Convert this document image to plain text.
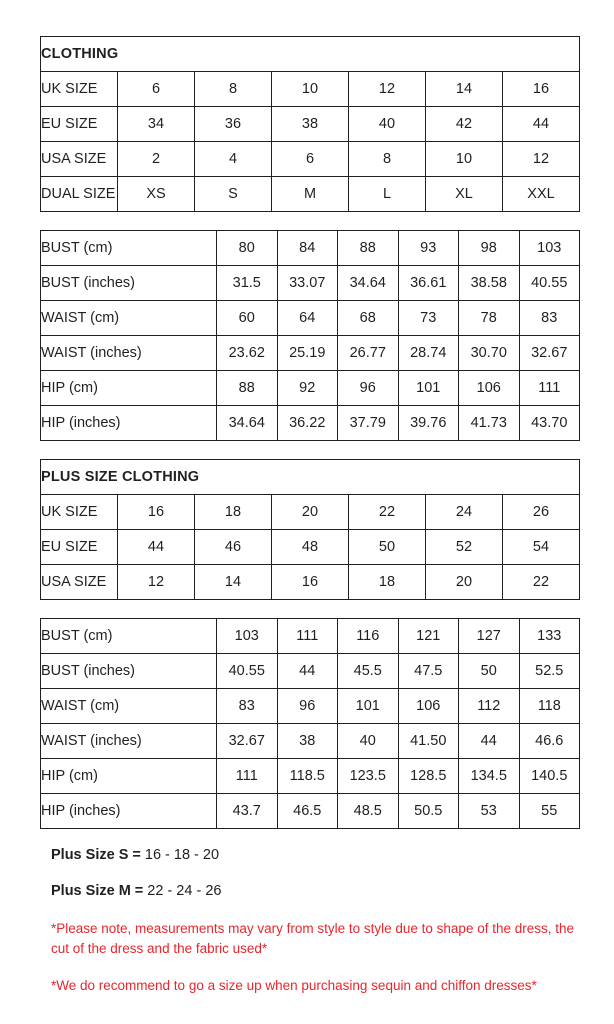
CLOTHING						
UK SIZE	6	8	10	12	14	16
EU SIZE	34	36	38	40	42	44
USA SIZE	2	4	6	8	10	12
DUAL SIZE	XS	S	M	L	XL	XXL
BUST (cm)	80	84	88	93	98	103
BUST (inches)	31.5	33.07	34.64	36.61	38.58	40.55
WAIST (cm)	60	64	68	73	78	83
WAIST (inches)	23.62	25.19	26.77	28.74	30.70	32.67
HIP (cm)	88	92	96	101	106	111
HIP (inches)	34.64	36.22	37.79	39.76	41.73	43.70
PLUS SIZE CLOTHING						
UK SIZE	16	18	20	22	24	26
EU SIZE	44	46	48	50	52	54
USA SIZE	12	14	16	18	20	22
BUST (cm)	103	111	116	121	127	133
BUST (inches)	40.55	44	45.5	47.5	50	52.5
WAIST (cm)	83	96	101	106	112	118
WAIST (inches)	32.67	38	40	41.50	44	46.6
HIP (cm)	111	118.5	123.5	128.5	134.5	140.5
HIP (inches)	43.7	46.5	48.5	50.5	53	55

Plus Size S = 16 - 18 - 20

Plus Size M = 22 - 24 - 26

*Please note, measurements may vary from style to style due to shape of the dress, the cut of the dress and the fabric used*

*We do recommend to go a size up when purchasing sequin and chiffon dresses*
